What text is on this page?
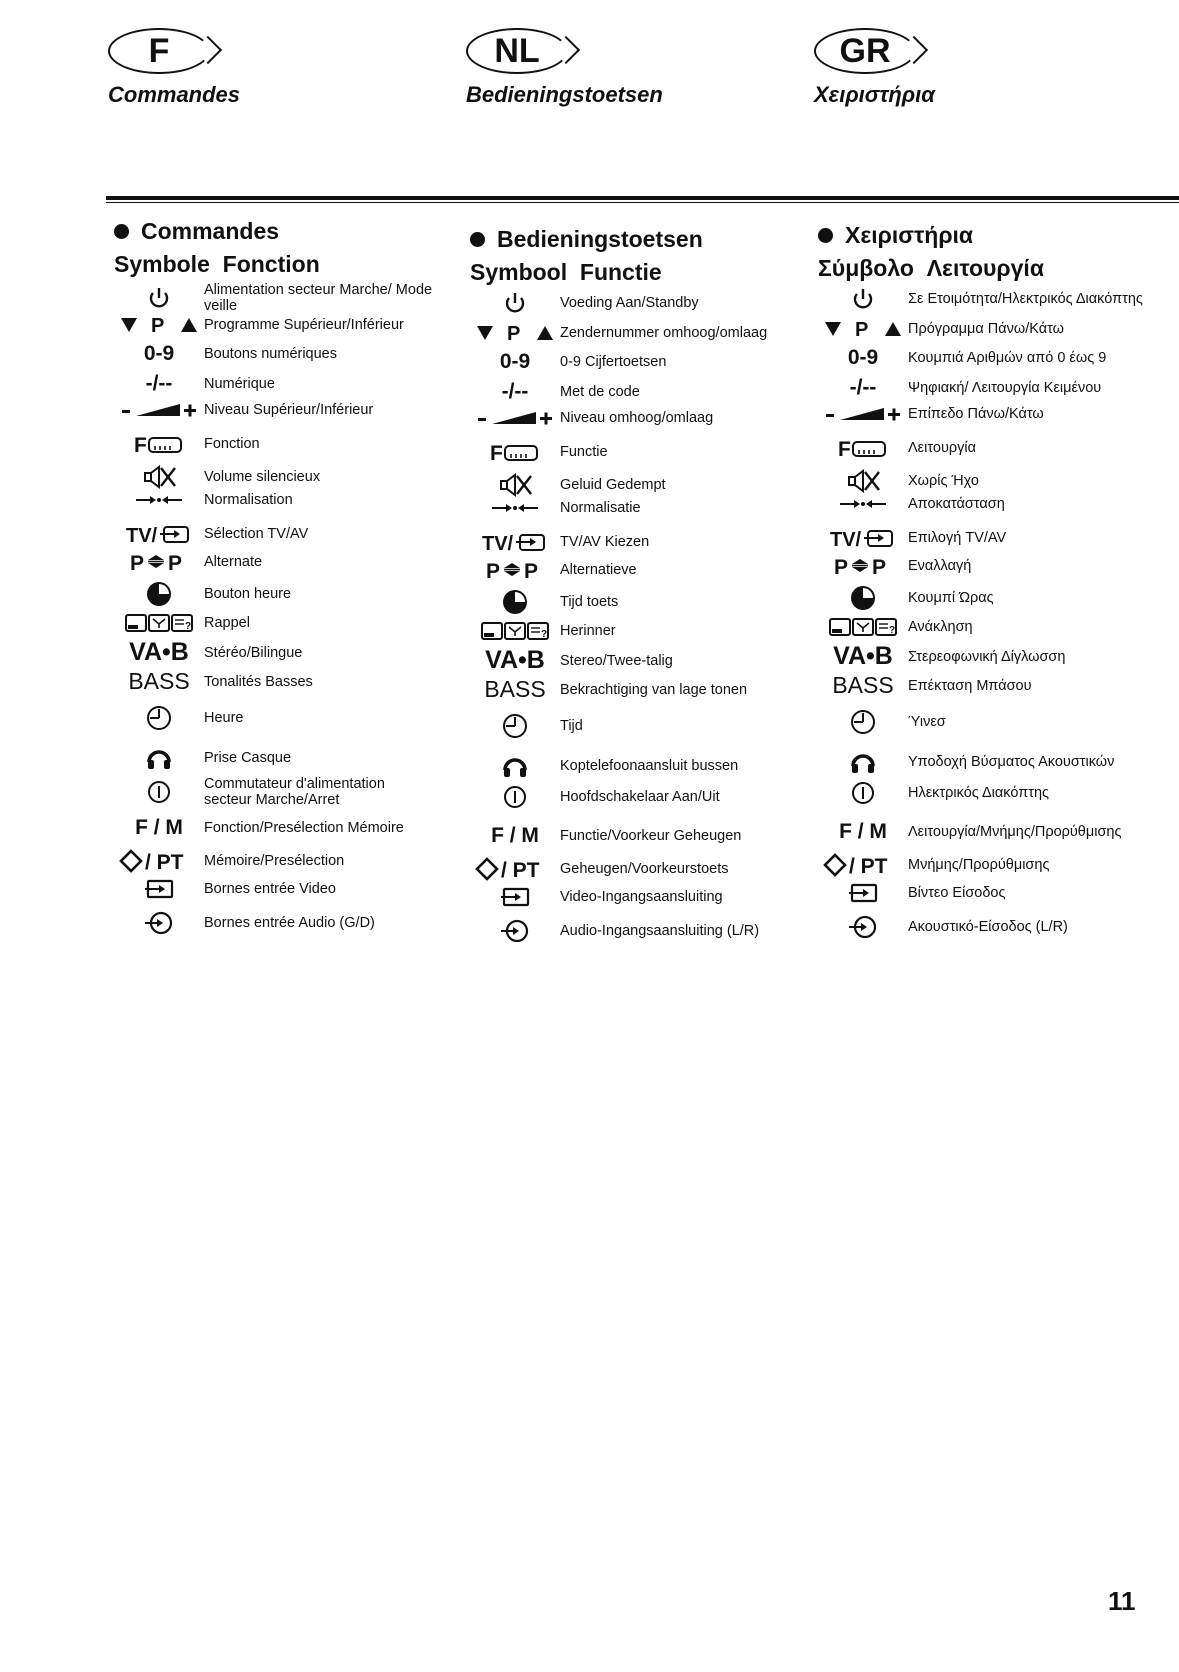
F
Commandes
NL
Bedieningstoetsen
GR
Χειριστήρια
Commandes
Symbole Fonction
Alimentation secteur Marche/ Mode veille
P	Programme Supérieur/Inférieur
0-9	Boutons numériques
-/--	Numérique
Niveau Supérieur/Inférieur
F	Fonction
Volume silencieux
Normalisation
TV/	Sélection TV/AV
P P Alternate
Bouton heure
? Rappel
VA•B	Stéréo/Bilingue
BASS Tonalités Basses
Heure
Prise Casque
Commutateur d'alimentation secteur Marche/Arret
F / M	Fonction/Presélection Mémoire
/ PT Mémoire/Presélection
Bornes entrée Video
Bornes entrée Audio (G/D)
Bedieningstoetsen
Symbool Functie
Voeding Aan/Standby
P	Zendernummer omhoog/omlaag
0-9	0-9 Cijfertoetsen
-/--	Met de code
Niveau omhoog/omlaag
F	Functie
Geluid Gedempt
Normalisatie
TV/	TV/AV Kiezen
P P Alternatieve
Tijd toets
? Herinner
VA•B	Stereo/Twee-talig
BASS Bekrachtiging van lage tonen
Tijd
Koptelefoonaansluit bussen
Hoofdschakelaar Aan/Uit
F / M	Functie/Voorkeur Geheugen
/ PT Geheugen/Voorkeurstoets
Video-Ingangsaansluiting
Audio-Ingangsaansluiting (L/R)
Χειριστήρια
Σύμβολο Λειτουργία
Σε Ετοιμότητα/Ηλεκτρικός Διακόπτης
P	Πρόγραμμα Πάνω/Κάτω
0-9	Κουμπιά Αριθμών από 0 έως 9
-/--	Ψηφιακή/ Λειτουργία Κειμένου
Επίπεδο Πάνω/Κάτω
F	Λειτουργία
Χωρίς Ήχο
Αποκατάσταση
TV/	Επιλογή TV/AV
P P Εναλλαγή
Κουμπί Ώρας
? Ανάκληση
VA•B	Στερεοφωνική Δίγλωσση
BASS Επέκταση Μπάσου
Ύινεσ
Υποδοχή Βύσματος Ακουστικών
Ηλεκτρικός Διακόπτης
F / M	Λειτουργία/Μνήμης/Προρύθμισης
/ PT Μνήμης/Προρύθμισης
Βίντεο Είσοδος
Ακουστικό-Είσοδος (L/R)
11
